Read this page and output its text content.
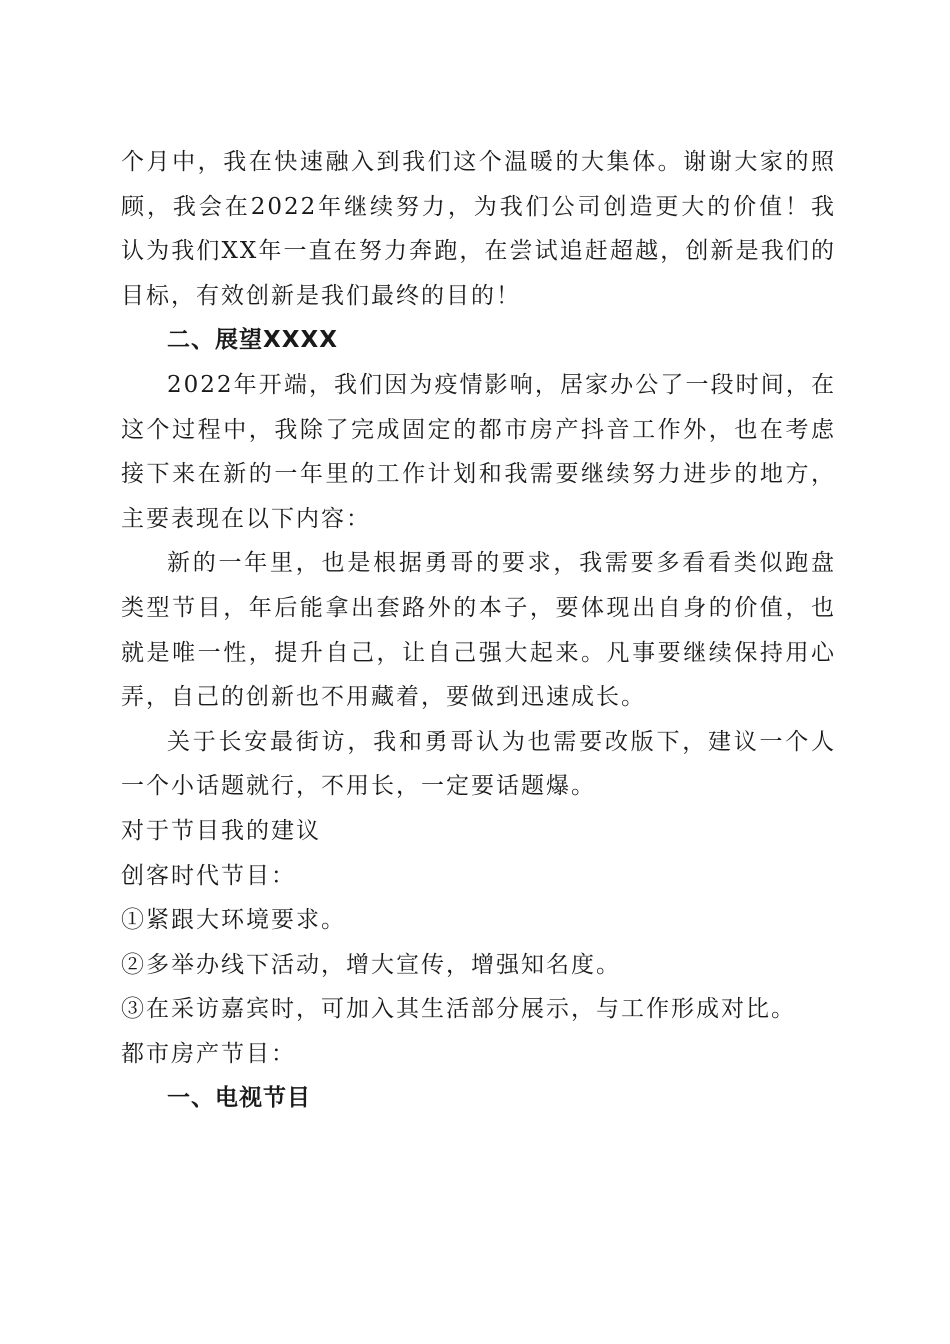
个月中，我在快速融入到我们这个温暖的大集体。谢谢大家的照顾，我会在2022年继续努力，为我们公司创造更大的价值！我认为我们XX年一直在努力奔跑，在尝试追赶超越，创新是我们的目标，有效创新是我们最终的目的！

二、展望XXXX

2022年开端，我们因为疫情影响，居家办公了一段时间，在这个过程中，我除了完成固定的都市房产抖音工作外，也在考虑接下来在新的一年里的工作计划和我需要继续努力进步的地方，主要表现在以下内容：

新的一年里，也是根据勇哥的要求，我需要多看看类似跑盘类型节目，年后能拿出套路外的本子，要体现出自身的价值，也就是唯一性，提升自己，让自己强大起来。凡事要继续保持用心弄，自己的创新也不用藏着，要做到迅速成长。

关于长安最街访，我和勇哥认为也需要改版下，建议一个人一个小话题就行，不用长，一定要话题爆。

对于节目我的建议

创客时代节目：

①紧跟大环境要求。

②多举办线下活动，增大宣传，增强知名度。

③在采访嘉宾时，可加入其生活部分展示，与工作形成对比。

都市房产节目：

一、电视节目
